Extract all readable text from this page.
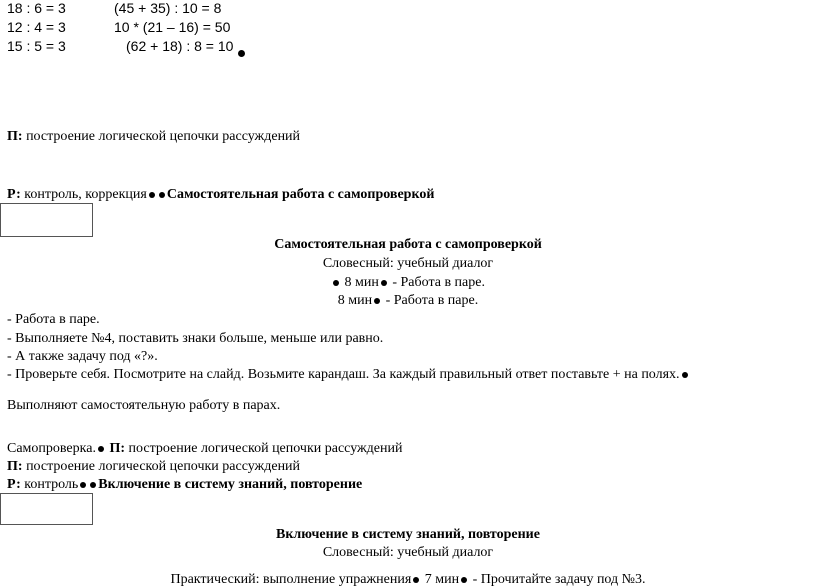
18 : 6 = 3
12 : 4 = 3
15 : 5 = 3
(45 + 35) : 10 = 8
10 * (21 – 16) = 50
(62 + 18) : 8 = 10
П: построение логической цепочки рассуждений
Р: контроль, коррекция Самостоятельная работа с самопроверкой
Самостоятельная работа с самопроверкой
Словесный: учебный диалог
8 мин - Работа в паре.
8 мин - Работа в паре.
- Работа в паре.
- Выполняете №4, поставить знаки больше, меньше или равно.
- А также задачу под «?».
- Проверьте себя. Посмотрите на слайд. Возьмите карандаш. За каждый правильный ответ поставьте + на полях.
Выполняют самостоятельную работу в парах.
Самопроверка. П: построение логической цепочки рассуждений
П: построение логической цепочки рассуждений
Р: контроль Включение в систему знаний, повторение
Включение в систему знаний, повторение
Словесный: учебный диалог
Практический: выполнение упражнения 7 мин - Прочитайте задачу под №3.
